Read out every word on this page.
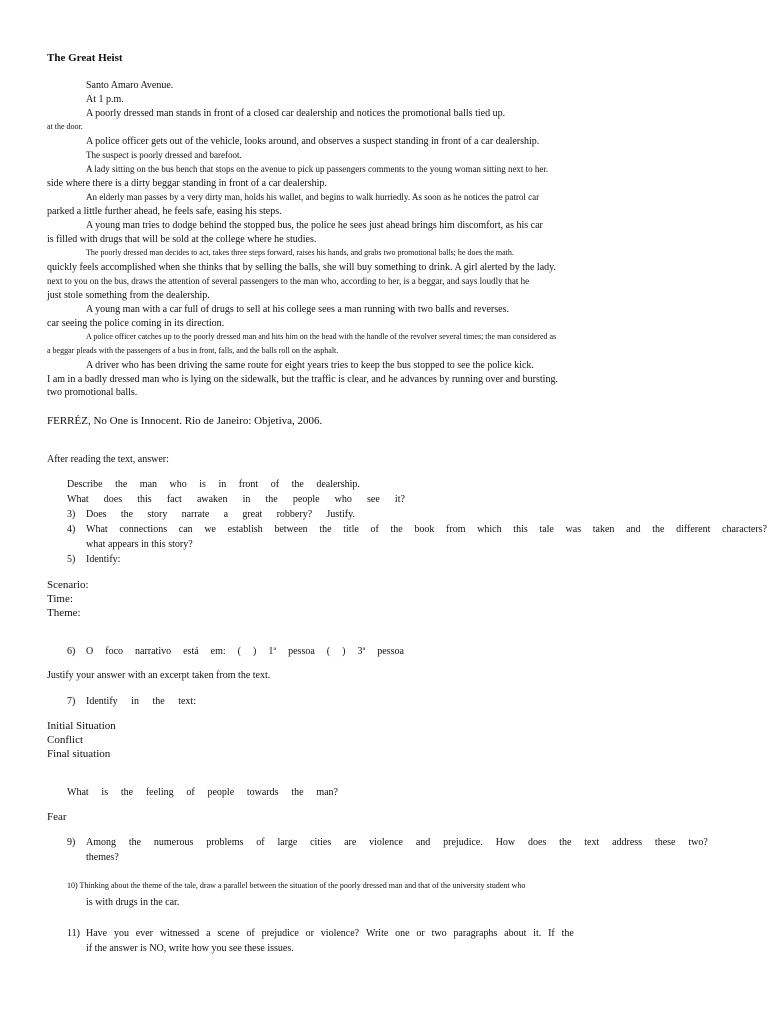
The Great Heist
Santo Amaro Avenue.
At 1 p.m.
A poorly dressed man stands in front of a closed car dealership and notices the promotional balls tied up.
at the door.
A police officer gets out of the vehicle, looks around, and observes a suspect standing in front of a car dealership.
The suspect is poorly dressed and barefoot.
A lady sitting on the bus bench that stops on the avenue to pick up passengers comments to the young woman sitting next to her.
side where there is a dirty beggar standing in front of a car dealership.
An elderly man passes by a very dirty man, holds his wallet, and begins to walk hurriedly. As soon as he notices the patrol car
parked a little further ahead, he feels safe, easing his steps.
A young man tries to dodge behind the stopped bus, the police he sees just ahead brings him discomfort, as his car
is filled with drugs that will be sold at the college where he studies.
The poorly dressed man decides to act, takes three steps forward, raises his hands, and grabs two promotional balls; he does the math.
quickly feels accomplished when she thinks that by selling the balls, she will buy something to drink. A girl alerted by the lady.
next to you on the bus, draws the attention of several passengers to the man who, according to her, is a beggar, and says loudly that he
just stole something from the dealership.
A young man with a car full of drugs to sell at his college sees a man running with two balls and reverses.
car seeing the police coming in its direction.
A police officer catches up to the poorly dressed man and hits him on the head with the handle of the revolver several times; the man considered as
a beggar pleads with the passengers of a bus in front, falls, and the balls roll on the asphalt.
A driver who has been driving the same route for eight years tries to keep the bus stopped to see the police kick.
I am in a badly dressed man who is lying on the sidewalk, but the traffic is clear, and he advances by running over and bursting.
two promotional balls.
FERRÉZ, No One is Innocent. Rio de Janeiro: Objetiva, 2006.
After reading the text, answer:
Describe the man who is in front of the dealership.
What does this fact awaken in the people who see it?
3)	Does the story narrate a great robbery? Justify.
4)	What connections can we establish between the title of the book from which this tale was taken and the different characters?
what appears in this story?
5)	Identify:
Scenario:
Time:
Theme:
6)	O foco narrativo está em: ( ) 1ª pessoa ( ) 3ª pessoa
Justify your answer with an excerpt taken from the text.
7)	Identify in the text:
Initial Situation
Conflict
Final situation
What is the feeling of people towards the man?
Fear
9)	Among the numerous problems of large cities are violence and prejudice. How does the text address these two?
themes?
10) Thinking about the theme of the tale, draw a parallel between the situation of the poorly dressed man and that of the university student who
is with drugs in the car.
11) Have you ever witnessed a scene of prejudice or violence? Write one or two paragraphs about it. If the
if the answer is NO, write how you see these issues.
